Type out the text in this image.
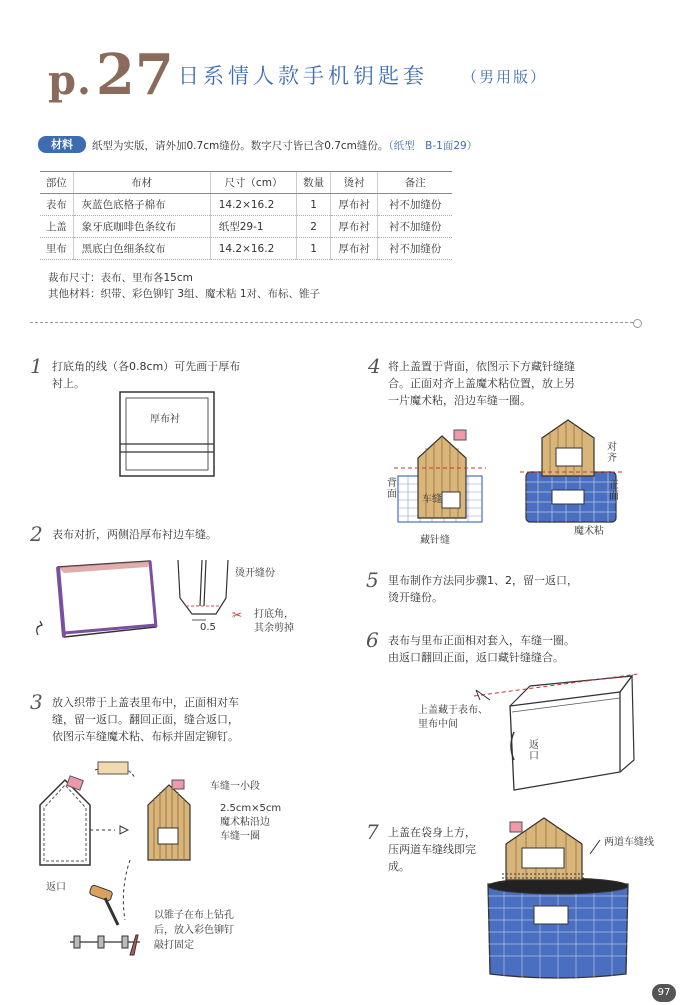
p.27 日系情人款手机钥匙套 （男用版）
材料	纸型为实版，请外加0.7cm缝份。数字尺寸皆已含0.7cm缝份。（纸型　B-1面29）
部位	布材	尺寸（cm）	数量	烫衬	备注
表布	灰蓝色底格子棉布	14.2×16.2	1	厚布衬	衬不加缝份
上盖	象牙底咖啡色条纹布	纸型29-1	2	厚布衬	衬不加缝份
里布	黑底白色细条纹布	14.2×16.2	1	厚布衬	衬不加缝份
裁布尺寸：表布、里布各15cm
其他材料：织带、彩色铆钉 3组、魔术粘 1对、布标、锥子
1 打底角的线（各0.8cm）可先画于厚布
衬上。
厚布衬
2 表布对折，两侧沿厚布衬边车缝。
烫开缝份
0.5
✂ 打底角，
其余剪掉
3 放入织带于上盖表里布中，正面相对车
缝，留一返口。翻回正面，缝合返口，
依图示车缝魔术粘、布标并固定铆钉。
车缝一小段
2.5cm×5cm
魔术粘沿边
车缝一圈
返口
以锥子在布上钻孔
后，放入彩色铆钉
敲打固定
4 将上盖置于背面，依图示下方藏针缝缝
合。正面对齐上盖魔术粘位置，放上另
一片魔术粘，沿边车缝一圈。
背
面	车缝
藏针缝
对
齐
正
面
魔术粘
5 里布制作方法同步骤1、2，留一返口，
烫开缝份。
6 表布与里布正面相对套入，车缝一圈。
由返口翻回正面，返口藏针缝缝合。
上盖藏于表布、
里布中间
返
口
7 上盖在袋身上方，
压两道车缝线即完
成。
两道车缝线
97
